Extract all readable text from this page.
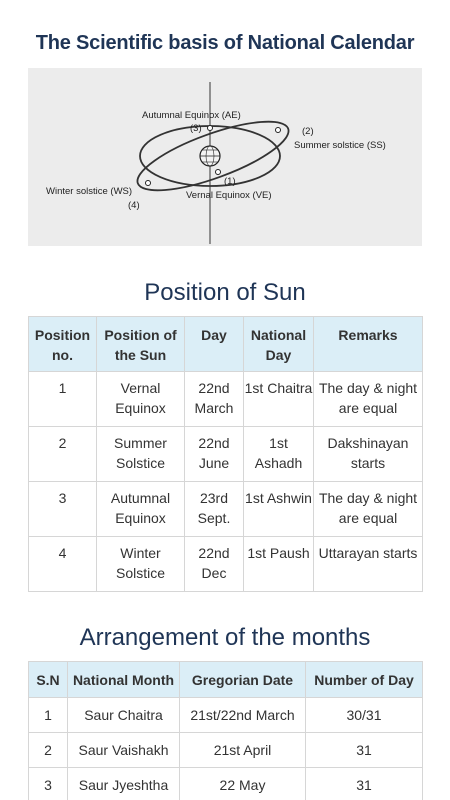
The Scientific basis of National Calendar
Autumnal Equinox (AE)
(3)	(2)
Summer solstice (SS)
Winter solstice (WS)
(4)
(1)
Vernal Equinox (VE)
Position of Sun
Position no.	Position of the Sun	Day	National Day	Remarks
1	Vernal Equinox	22nd March	1st Chaitra	The day & night are equal
2	Summer Solstice	22nd June	1st Ashadh	Dakshinayan starts
3	Autumnal Equinox	23rd Sept.	1st Ashwin	The day & night are equal
4	Winter Solstice	22nd Dec	1st Paush	Uttarayan starts
Arrangement of the months
S.N	National Month	Gregorian Date	Number of Day
1	Saur Chaitra	21st/22nd March	30/31
2	Saur Vaishakh	21st April	31
3	Saur Jyeshtha	22 May	31
